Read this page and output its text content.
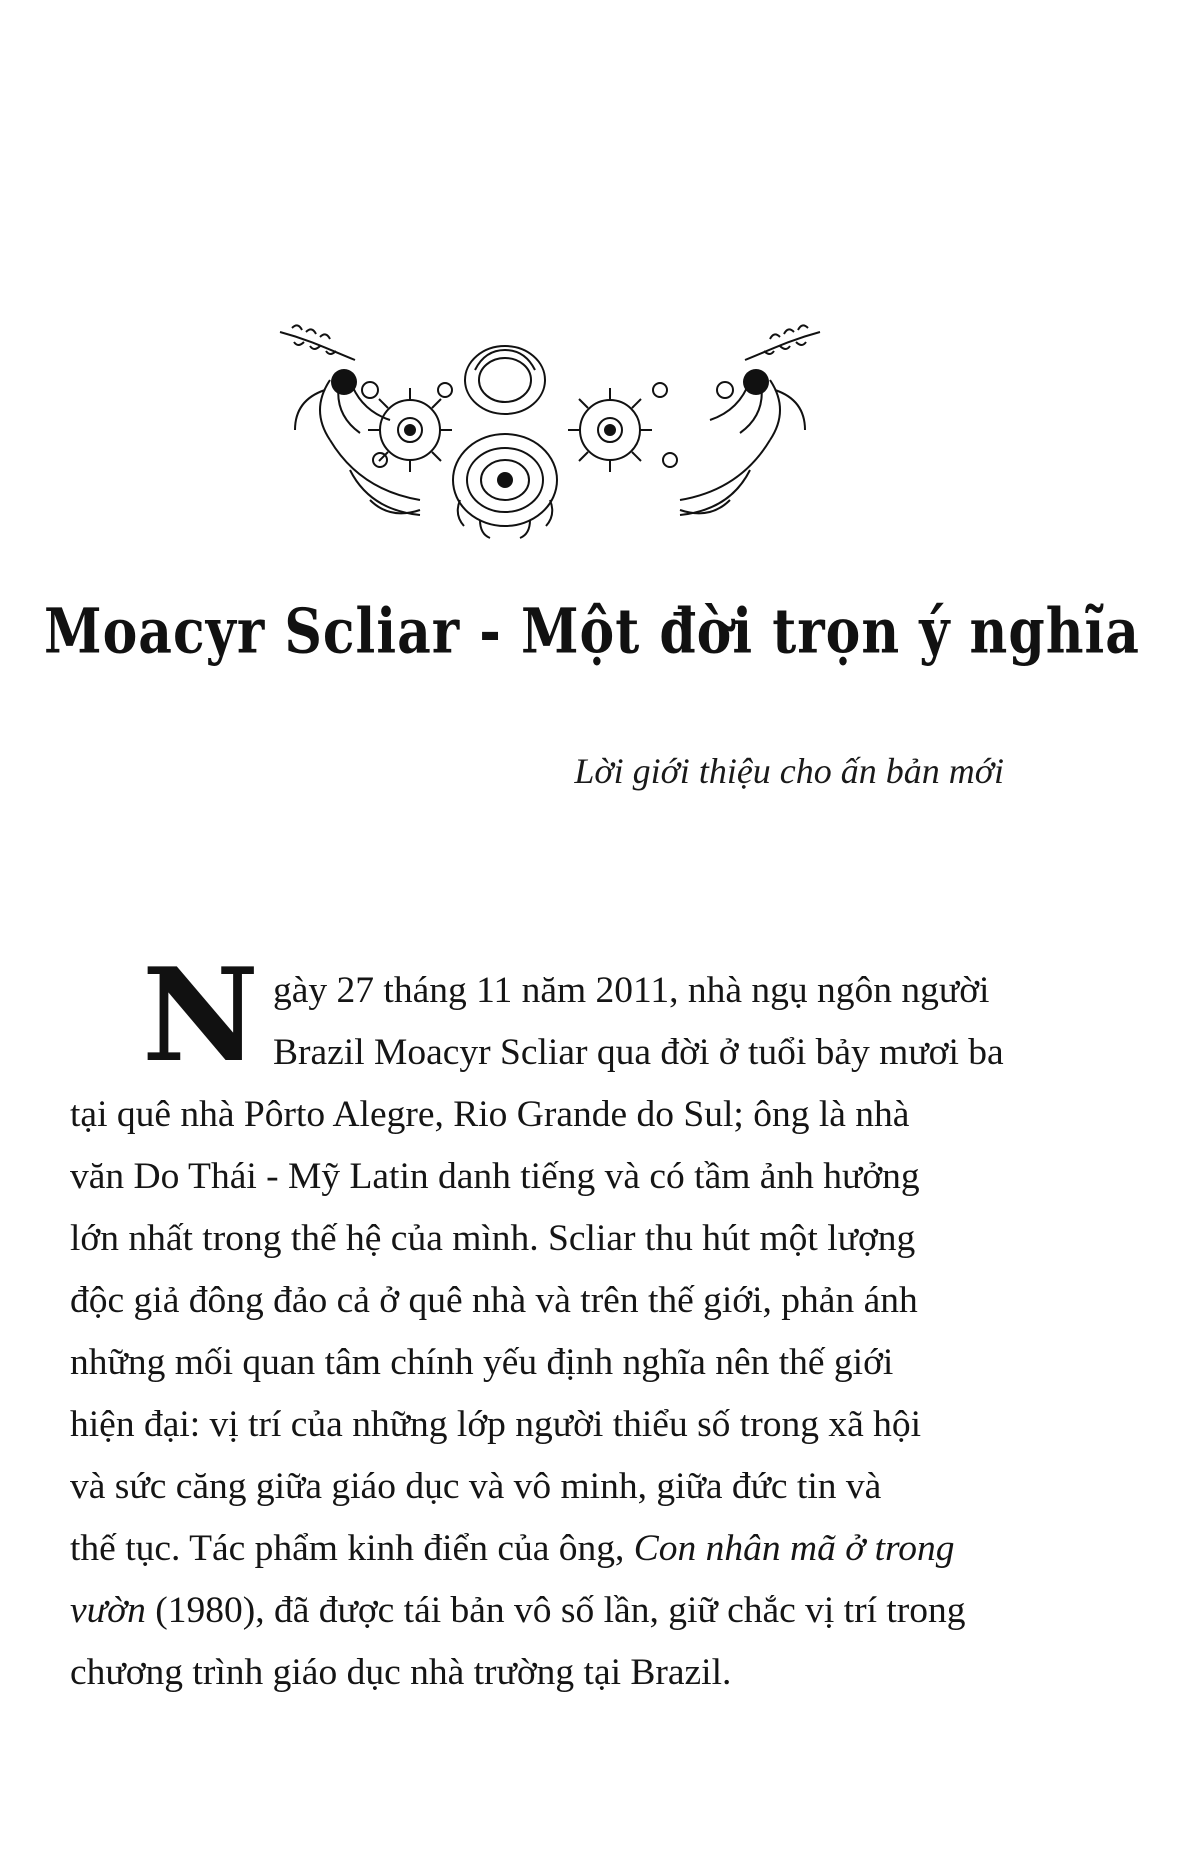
Moacyr Scliar - Một đời trọn ý nghĩa
Lời giới thiệu cho ấn bản mới
N gày 27 tháng 11 năm 2011, nhà ngụ ngôn người
Brazil Moacyr Scliar qua đời ở tuổi bảy mươi ba
tại quê nhà Pôrto Alegre, Rio Grande do Sul; ông là nhà
văn Do Thái - Mỹ Latin danh tiếng và có tầm ảnh hưởng
lớn nhất trong thế hệ của mình. Scliar thu hút một lượng
độc giả đông đảo cả ở quê nhà và trên thế giới, phản ánh
những mối quan tâm chính yếu định nghĩa nên thế giới
hiện đại: vị trí của những lớp người thiểu số trong xã hội
và sức căng giữa giáo dục và vô minh, giữa đức tin và
thế tục. Tác phẩm kinh điển của ông, Con nhân mã ở trong
vườn (1980), đã được tái bản vô số lần, giữ chắc vị trí trong
chương trình giáo dục nhà trường tại Brazil.
